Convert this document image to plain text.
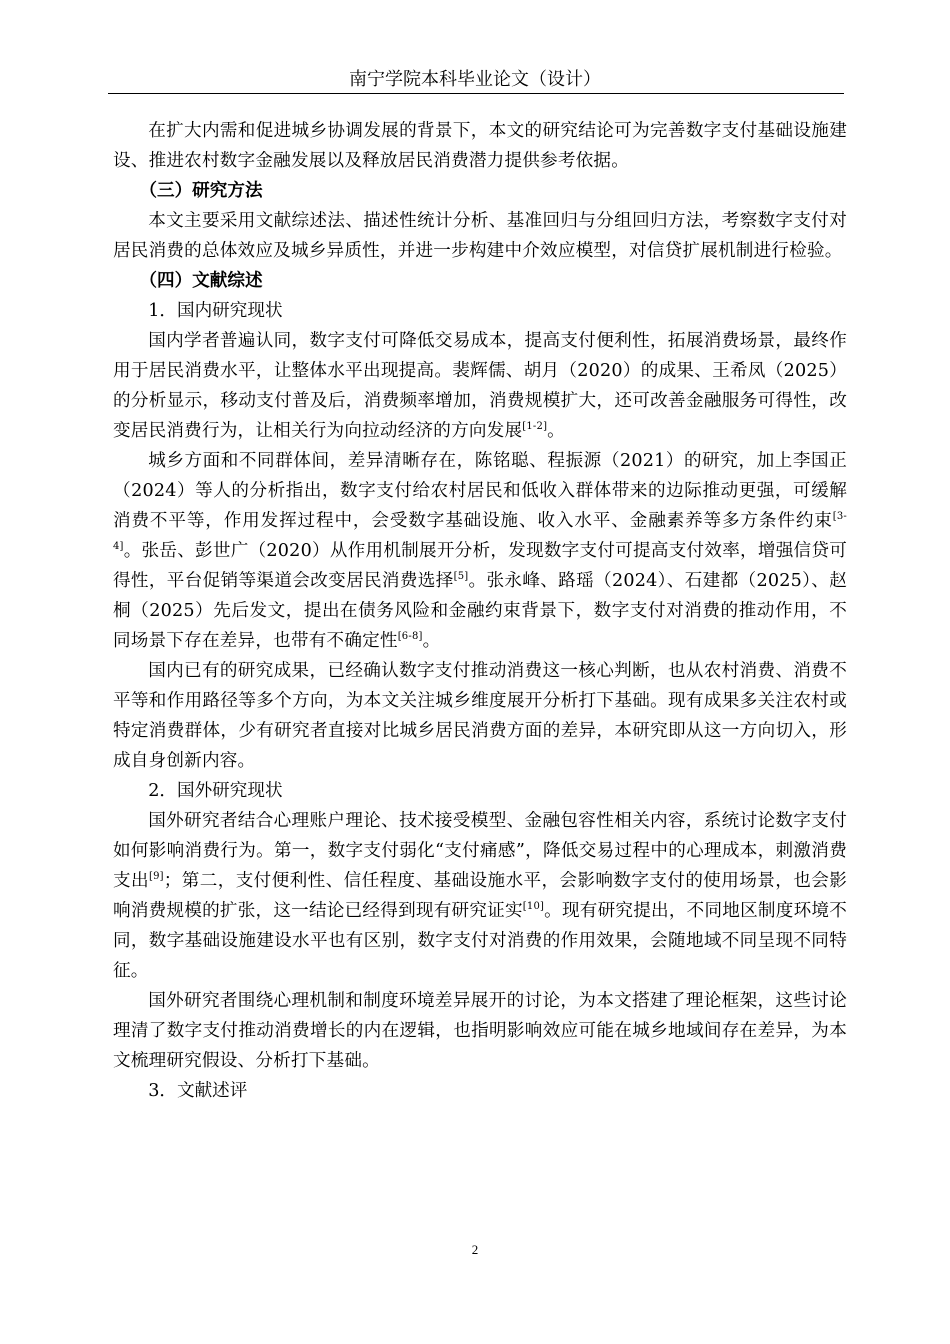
南宁学院本科毕业论文（设计）

在扩大内需和促进城乡协调发展的背景下，本文的研究结论可为完善数字支付基础设施建设、推进农村数字金融发展以及释放居民消费潜力提供参考依据。

（三）研究方法

本文主要采用文献综述法、描述性统计分析、基准回归与分组回归方法，考察数字支付对居民消费的总体效应及城乡异质性，并进一步构建中介效应模型，对信贷扩展机制进行检验。

（四）文献综述

1．国内研究现状

国内学者普遍认同，数字支付可降低交易成本，提高支付便利性，拓展消费场景，最终作用于居民消费水平，让整体水平出现提高。裴辉儒、胡月（2020）的成果、王希凤（2025）的分析显示，移动支付普及后，消费频率增加，消费规模扩大，还可改善金融服务可得性，改变居民消费行为，让相关行为向拉动经济的方向发展[1-2]。

城乡方面和不同群体间，差异清晰存在，陈铭聪、程振源（2021）的研究，加上李国正（2024）等人的分析指出，数字支付给农村居民和低收入群体带来的边际推动更强，可缓解消费不平等，作用发挥过程中，会受数字基础设施、收入水平、金融素养等多方条件约束[3-4]。张岳、彭世广（2020）从作用机制展开分析，发现数字支付可提高支付效率，增强信贷可得性，平台促销等渠道会改变居民消费选择[5]。张永峰、路瑶（2024）、石建都（2025）、赵桐（2025）先后发文，提出在债务风险和金融约束背景下，数字支付对消费的推动作用，不同场景下存在差异，也带有不确定性[6-8]。

国内已有的研究成果，已经确认数字支付推动消费这一核心判断，也从农村消费、消费不平等和作用路径等多个方向，为本文关注城乡维度展开分析打下基础。现有成果多关注农村或特定消费群体，少有研究者直接对比城乡居民消费方面的差异，本研究即从这一方向切入，形成自身创新内容。

2．国外研究现状

国外研究者结合心理账户理论、技术接受模型、金融包容性相关内容，系统讨论数字支付如何影响消费行为。第一，数字支付弱化“支付痛感”，降低交易过程中的心理成本，刺激消费支出[9]；第二，支付便利性、信任程度、基础设施水平，会影响数字支付的使用场景，也会影响消费规模的扩张，这一结论已经得到现有研究证实[10]。现有研究提出，不同地区制度环境不同，数字基础设施建设水平也有区别，数字支付对消费的作用效果，会随地域不同呈现不同特征。

国外研究者围绕心理机制和制度环境差异展开的讨论，为本文搭建了理论框架，这些讨论理清了数字支付推动消费增长的内在逻辑，也指明影响效应可能在城乡地域间存在差异，为本文梳理研究假设、分析打下基础。

3．文献述评

2
